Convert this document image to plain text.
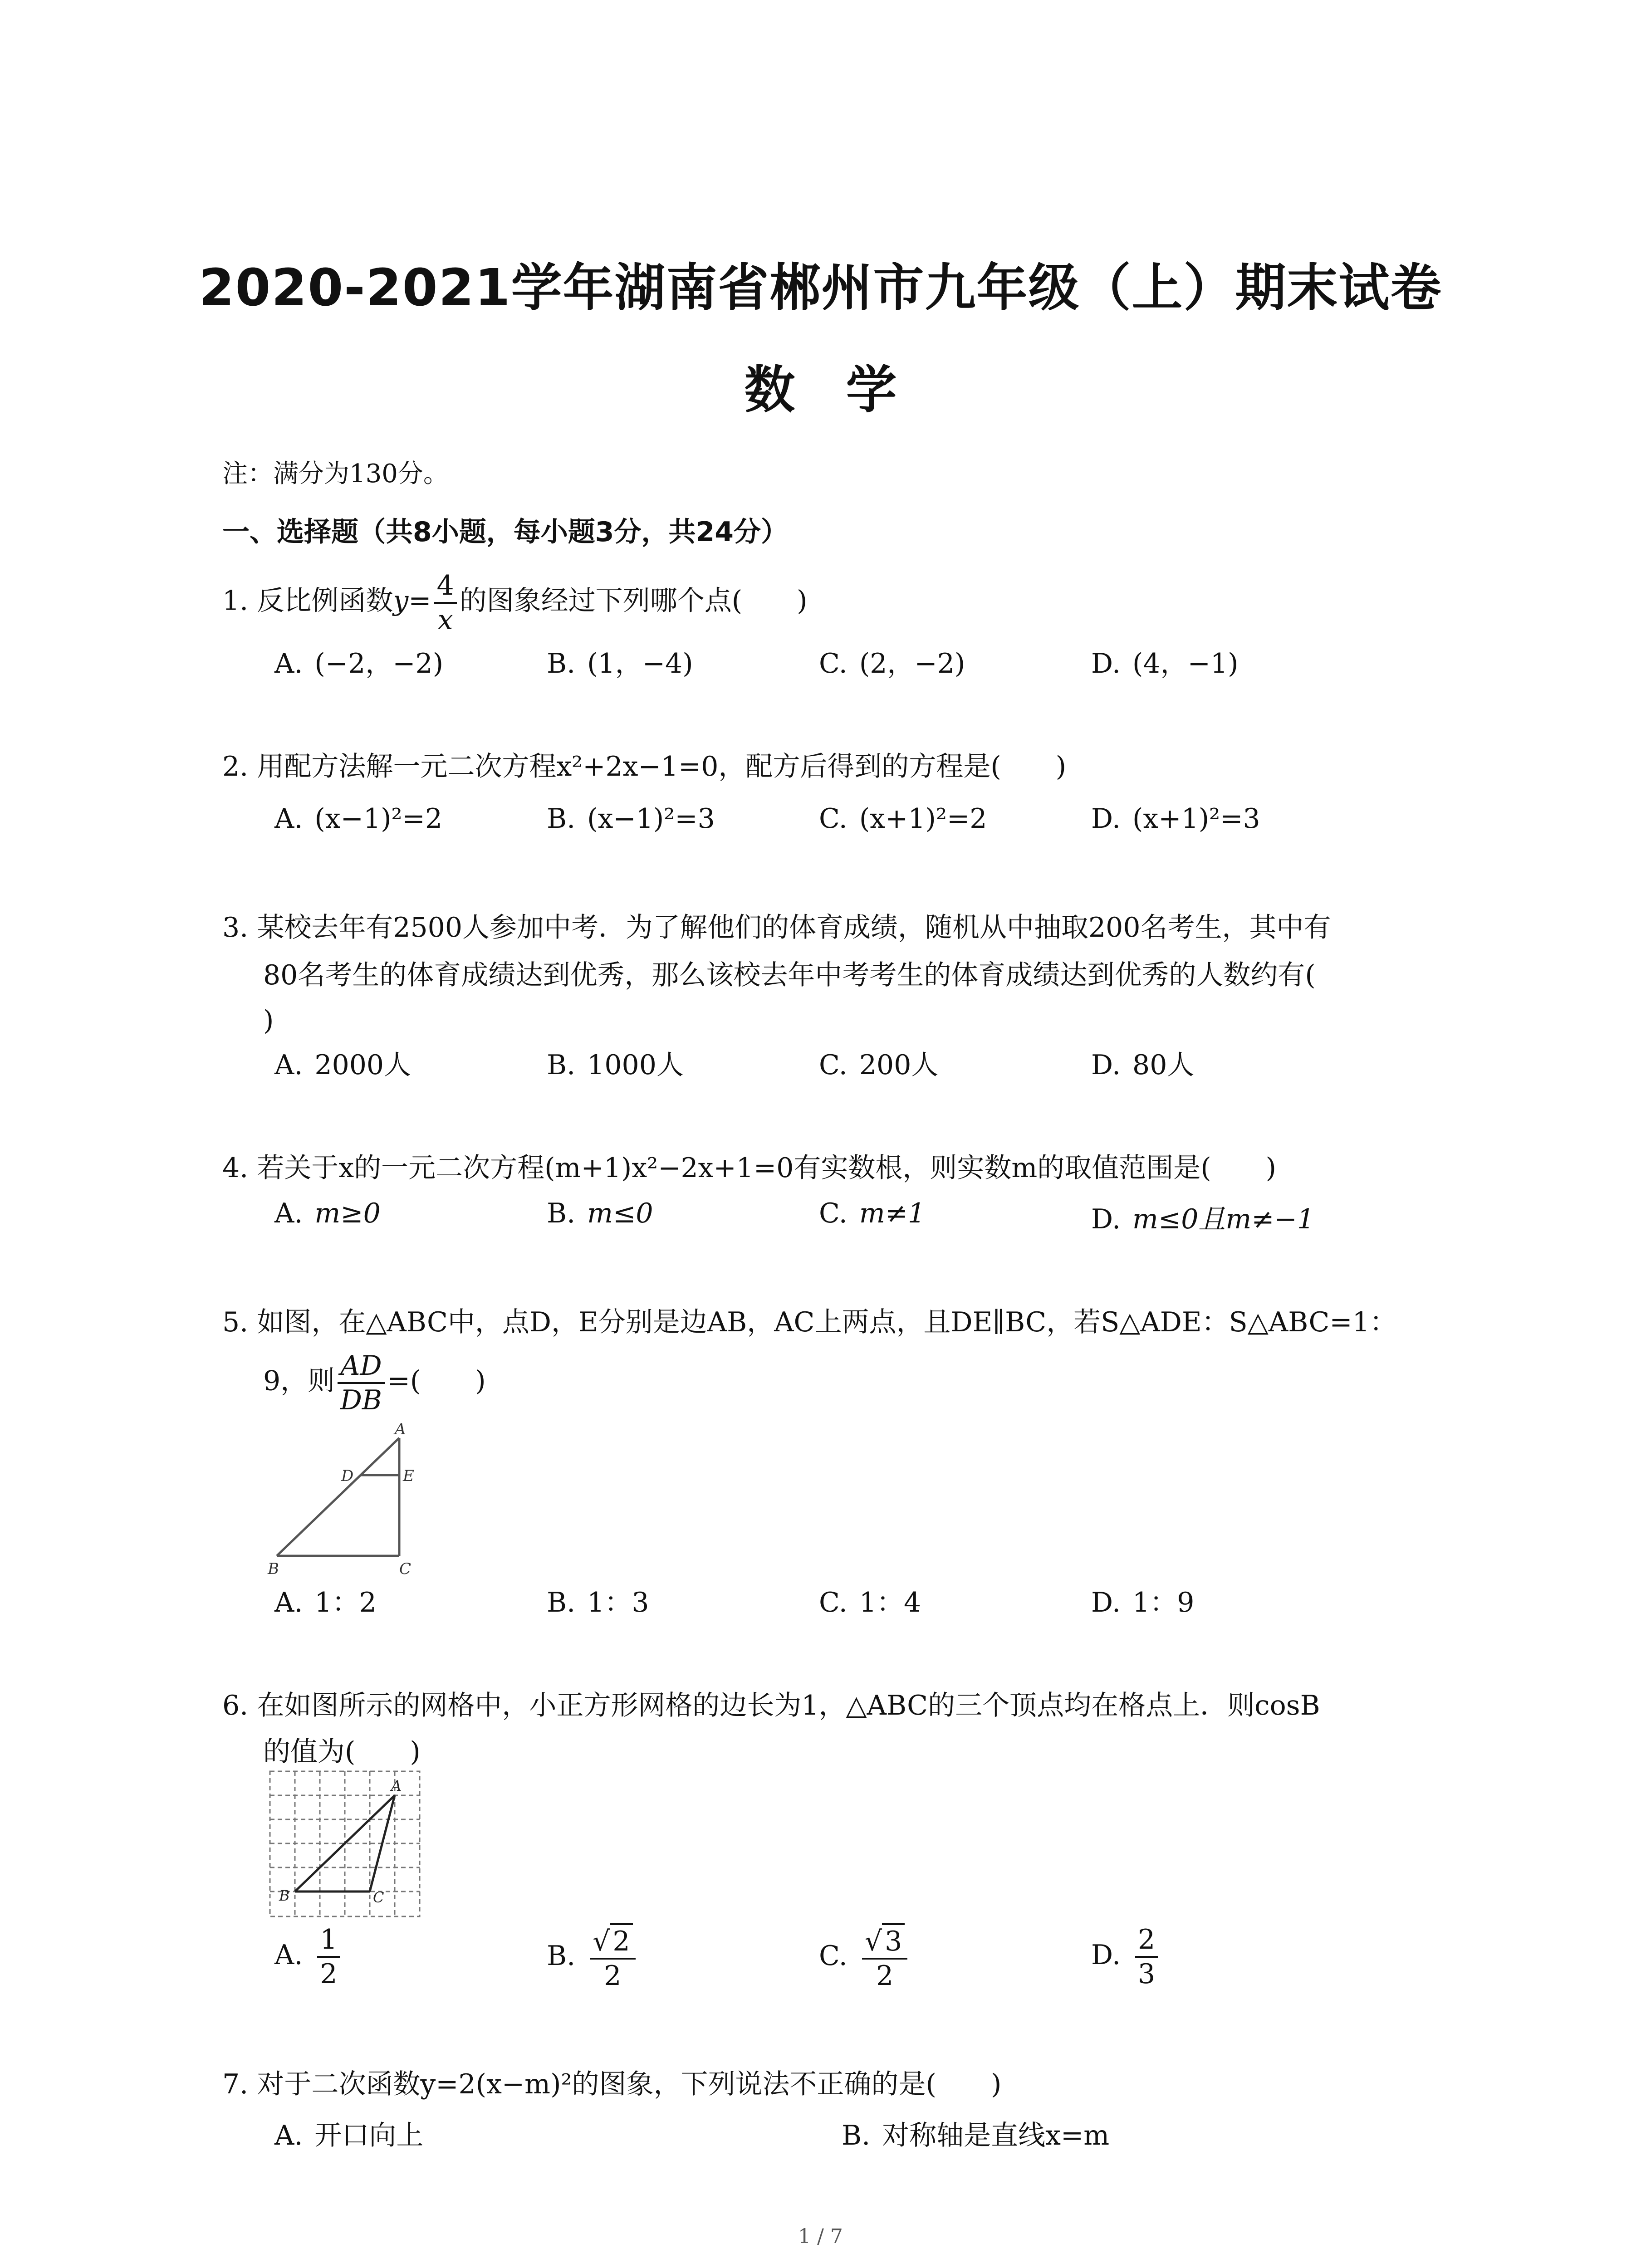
2020-2021学年湖南省郴州市九年级（上）期末试卷
数　学
注：满分为130分。
一、选择题（共8小题，每小题3分，共24分）
1. 反比例函数$y= \frac{4}{x}$ 的图象经过下列哪个点(　　)
A. (−2，−2)	B. (1，−4)	C. (2，−2)	D. (4，−1)
2. 用配方法解一元二次方程x²+2x−1=0，配方后得到的方程是(　　)
A. (x−1)²=2	B. (x−1)²=3	C. (x+1)²=2	D. (x+1)²=3
3. 某校去年有2500人参加中考．为了解他们的体育成绩，随机从中抽取200名考生，其中有
80名考生的体育成绩达到优秀，那么该校去年中考考生的体育成绩达到优秀的人数约有(
)
A. 2000人	B. 1000人	C. 200人	D. 80人
4. 若关于x的一元二次方程(m+1)x²−2x+1=0有实数根，则实数m的取值范围是(　　)
A. m≥0	B. m≤0	C. m≠1	D. m≤0且m≠−1
5. 如图，在△ABC中，点D，E分别是边AB，AC上两点，且DE∥BC，若S△ADE：S△ABC=1：
9，则 $\frac{AD}{DB}$ =(　　)
A
D	E
B	C
A. 1：2	B. 1：3	C. 1：4	D. 1：9
6. 在如图所示的网格中，小正方形网格的边长为1，△ABC的三个顶点均在格点上．则cosB
的值为(　　)
A
B	C
A. $\frac{1}{2}$	B. $\frac{√ 2}{2}$	C. $\frac{√ 3}{2}$	D. $\frac{2}{3}$
7. 对于二次函数y=2(x−m)²的图象，下列说法不正确的是(　　)
A. 开口向上	B. 对称轴是直线x=m
1 / 7
